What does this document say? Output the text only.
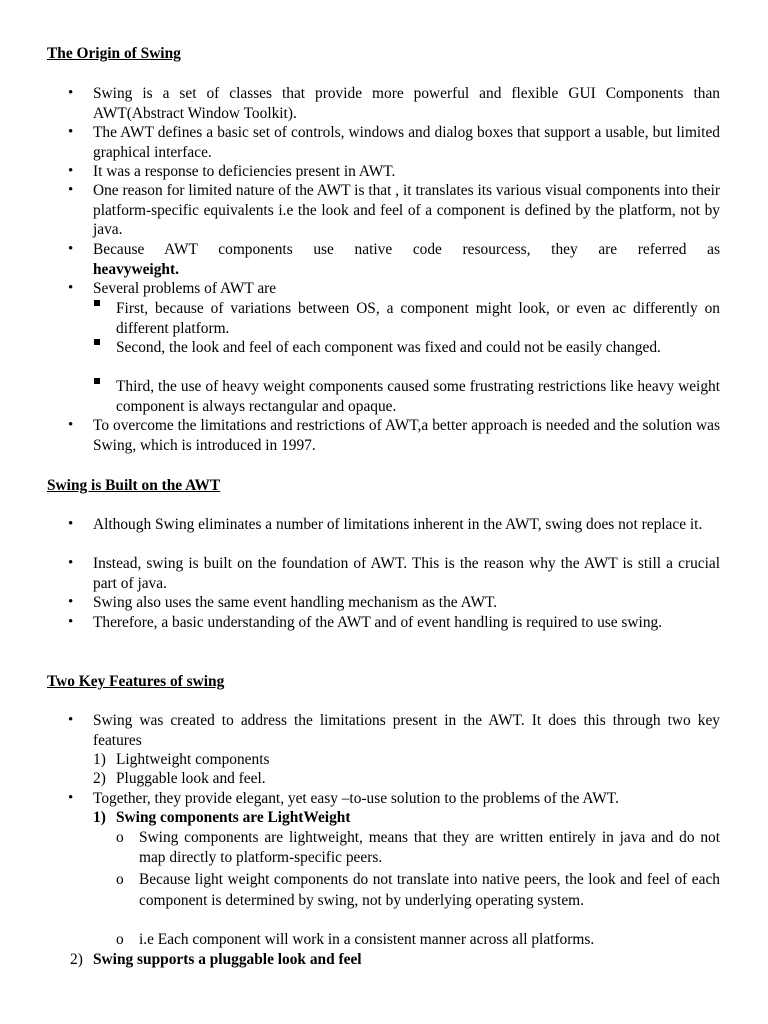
The Origin of Swing
• Swing is a set of classes that provide more powerful and flexible GUI Components than AWT(Abstract Window Toolkit).
• The AWT defines a basic set of controls, windows and dialog boxes that support a usable, but limited graphical interface.
• It was a response to deficiencies present in AWT.
• One reason for limited nature of the AWT is that , it translates its various visual components into their platform-specific equivalents i.e the look and feel of a component is defined by the platform, not by java.
• Because AWT components use native code resourcess, they are referred as
heavyweight.
• Several problems of AWT are
First, because of variations between OS, a component might look, or even ac differently on different platform.
Second, the look and feel of each component was fixed and could not be easily changed.
Third, the use of heavy weight components caused some frustrating restrictions like heavy weight component is always rectangular and opaque.
• To overcome the limitations and restrictions of AWT,a better approach is needed and the solution was Swing, which is introduced in 1997.
Swing is Built on the AWT
• Although Swing eliminates a number of limitations inherent in the AWT, swing does not replace it.
• Instead, swing is built on the foundation of AWT. This is the reason why the AWT is still a crucial part of java.
• Swing also uses the same event handling mechanism as the AWT.
• Therefore, a basic understanding of the AWT and of event handling is required to use swing.
Two Key Features of swing
• Swing was created to address the limitations present in the AWT. It does this through two key features
1) Lightweight components
2) Pluggable look and feel.
• Together, they provide elegant, yet easy –to-use solution to the problems of the AWT.
1) Swing components are LightWeight
o Swing components are lightweight, means that they are written entirely in java and do not map directly to platform-specific peers.
o Because light weight components do not translate into native peers, the look and feel of each component is determined by swing, not by underlying operating system.
o i.e Each component will work in a consistent manner across all platforms.
2) Swing supports a pluggable look and feel
